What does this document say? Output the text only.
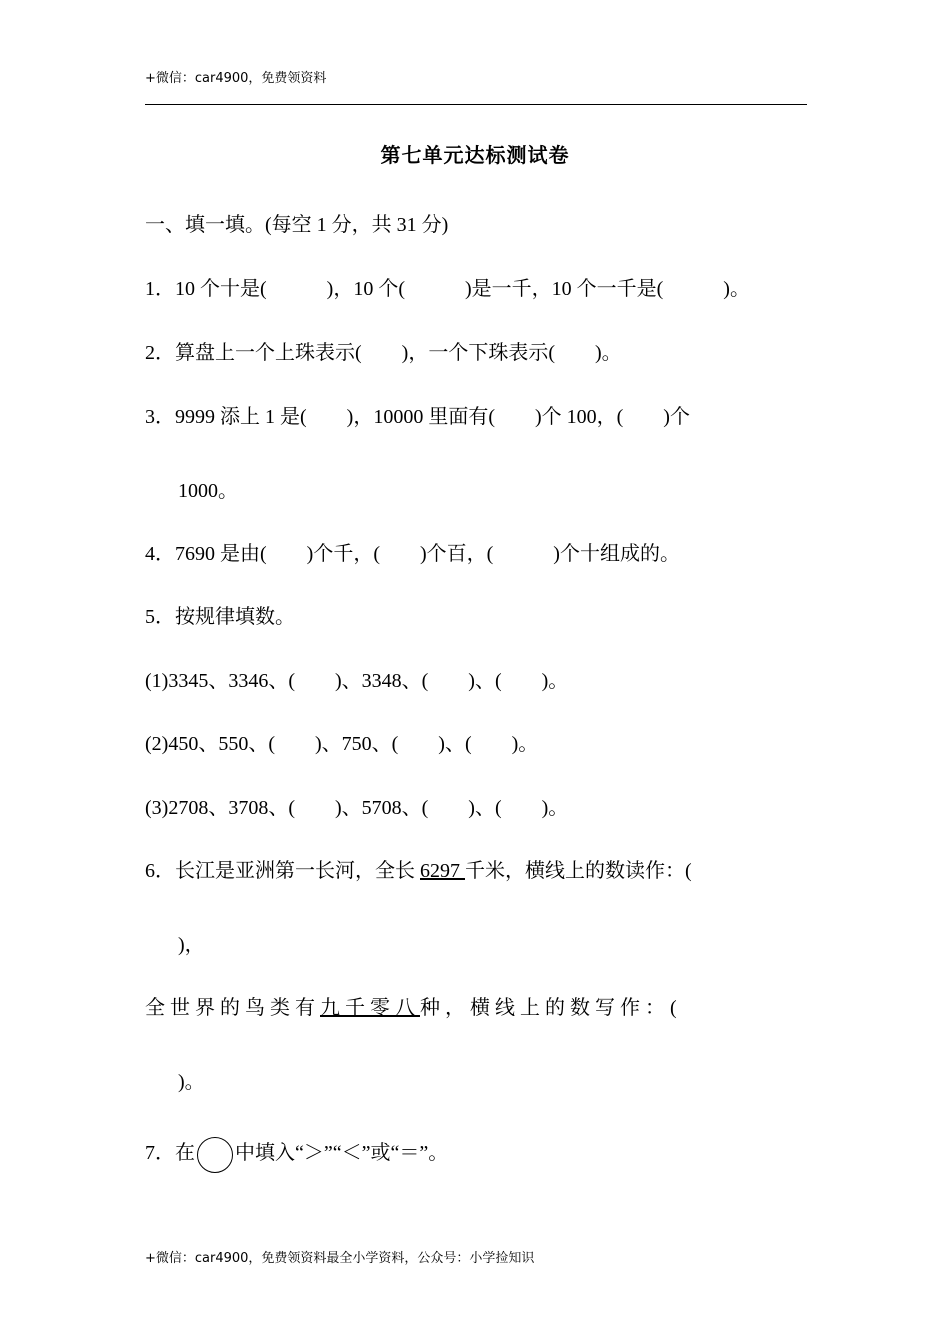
+微信：car4900，免费领资料
第七单元达标测试卷
一、填一填。(每空 1 分，共 31 分)
1．10 个十是(　　　)，10 个(　　　)是一千，10 个一千是(　　　)。
2．算盘上一个上珠表示(　　)，一个下珠表示(　　)。
3．9999 添上 1 是(　　)，10000 里面有(　　)个 100，(　　)个
1000。
4．7690 是由(　　)个千，(　　)个百，(　　　)个十组成的。
5．按规律填数。
(1)3345、3346、(　　)、3348、(　　)、(　　)。
(2)450、550、(　　)、750、(　　)、(　　)。
(3)2708、3708、(　　)、5708、(　　)、(　　)。
6．长江是亚洲第一长河，全长 6297 千米，横线上的数读作：(
)，
全 世 界 的 鸟 类 有 九 千 零 八 种 ， 横 线 上 的 数 写 作 ： (
)。
7．在 中填入“＞”“＜”或“＝”。
+微信：car4900，免费领资料最全小学资料，公众号：小学捡知识
